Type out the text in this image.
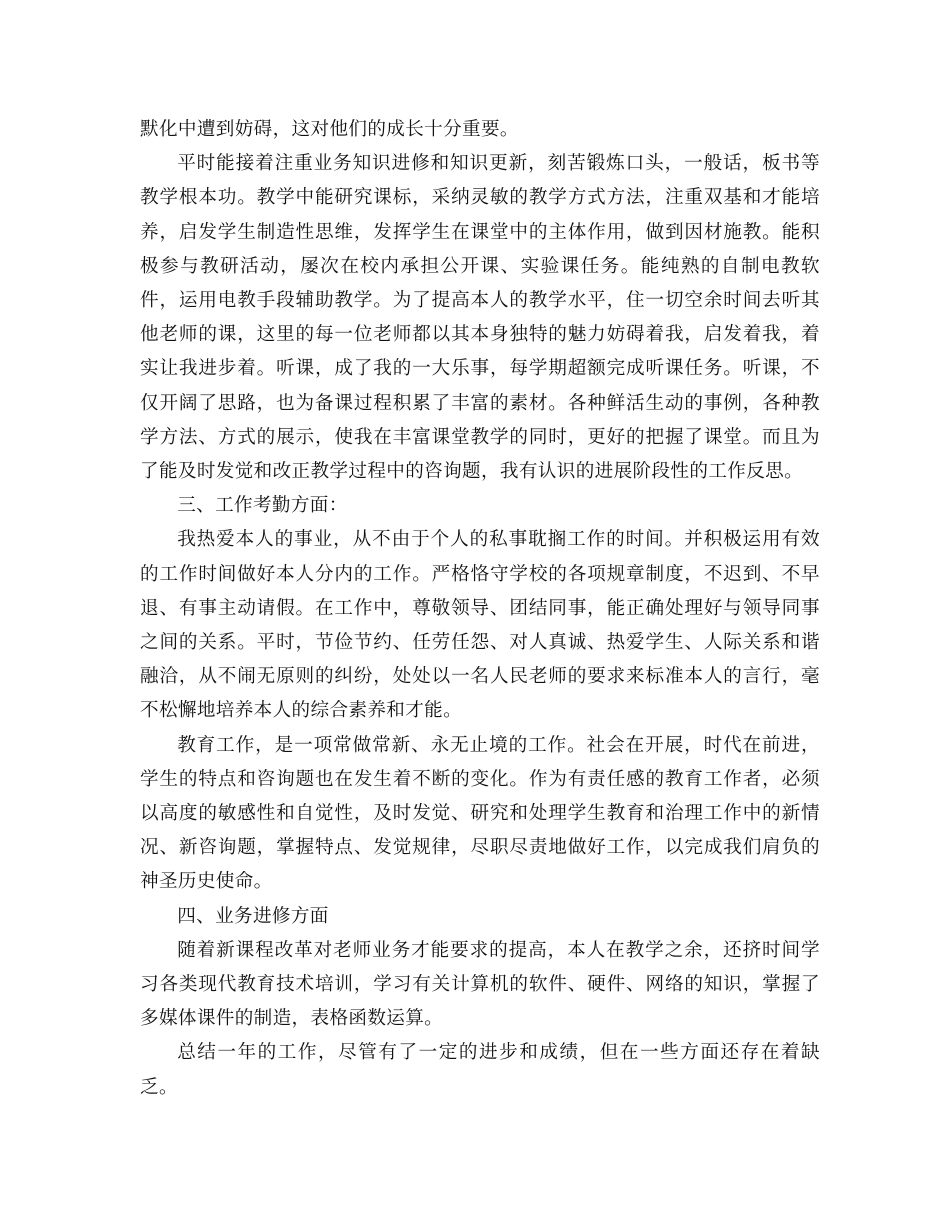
默化中遭到妨碍，这对他们的成长十分重要。

平时能接着注重业务知识进修和知识更新，刻苦锻炼口头，一般话，板书等教学根本功。教学中能研究课标，采纳灵敏的教学方式方法，注重双基和才能培养，启发学生制造性思维，发挥学生在课堂中的主体作用，做到因材施教。能积极参与教研活动，屡次在校内承担公开课、实验课任务。能纯熟的自制电教软件，运用电教手段辅助教学。为了提高本人的教学水平，住一切空余时间去听其他老师的课，这里的每一位老师都以其本身独特的魅力妨碍着我，启发着我，着实让我进步着。听课，成了我的一大乐事，每学期超额完成听课任务。听课，不仅开阔了思路，也为备课过程积累了丰富的素材。各种鲜活生动的事例，各种教学方法、方式的展示，使我在丰富课堂教学的同时，更好的把握了课堂。而且为了能及时发觉和改正教学过程中的咨询题，我有认识的进展阶段性的工作反思。

三、工作考勤方面：

我热爱本人的事业，从不由于个人的私事耽搁工作的时间。并积极运用有效的工作时间做好本人分内的工作。严格恪守学校的各项规章制度，不迟到、不早退、有事主动请假。在工作中，尊敬领导、团结同事，能正确处理好与领导同事之间的关系。平时，节俭节约、任劳任怨、对人真诚、热爱学生、人际关系和谐融洽，从不闹无原则的纠纷，处处以一名人民老师的要求来标准本人的言行，毫不松懈地培养本人的综合素养和才能。

教育工作，是一项常做常新、永无止境的工作。社会在开展，时代在前进，学生的特点和咨询题也在发生着不断的变化。作为有责任感的教育工作者，必须以高度的敏感性和自觉性，及时发觉、研究和处理学生教育和治理工作中的新情况、新咨询题，掌握特点、发觉规律，尽职尽责地做好工作，以完成我们肩负的神圣历史使命。

四、业务进修方面

随着新课程改革对老师业务才能要求的提高，本人在教学之余，还挤时间学习各类现代教育技术培训，学习有关计算机的软件、硬件、网络的知识，掌握了多媒体课件的制造，表格函数运算。

总结一年的工作，尽管有了一定的进步和成绩，但在一些方面还存在着缺乏。
